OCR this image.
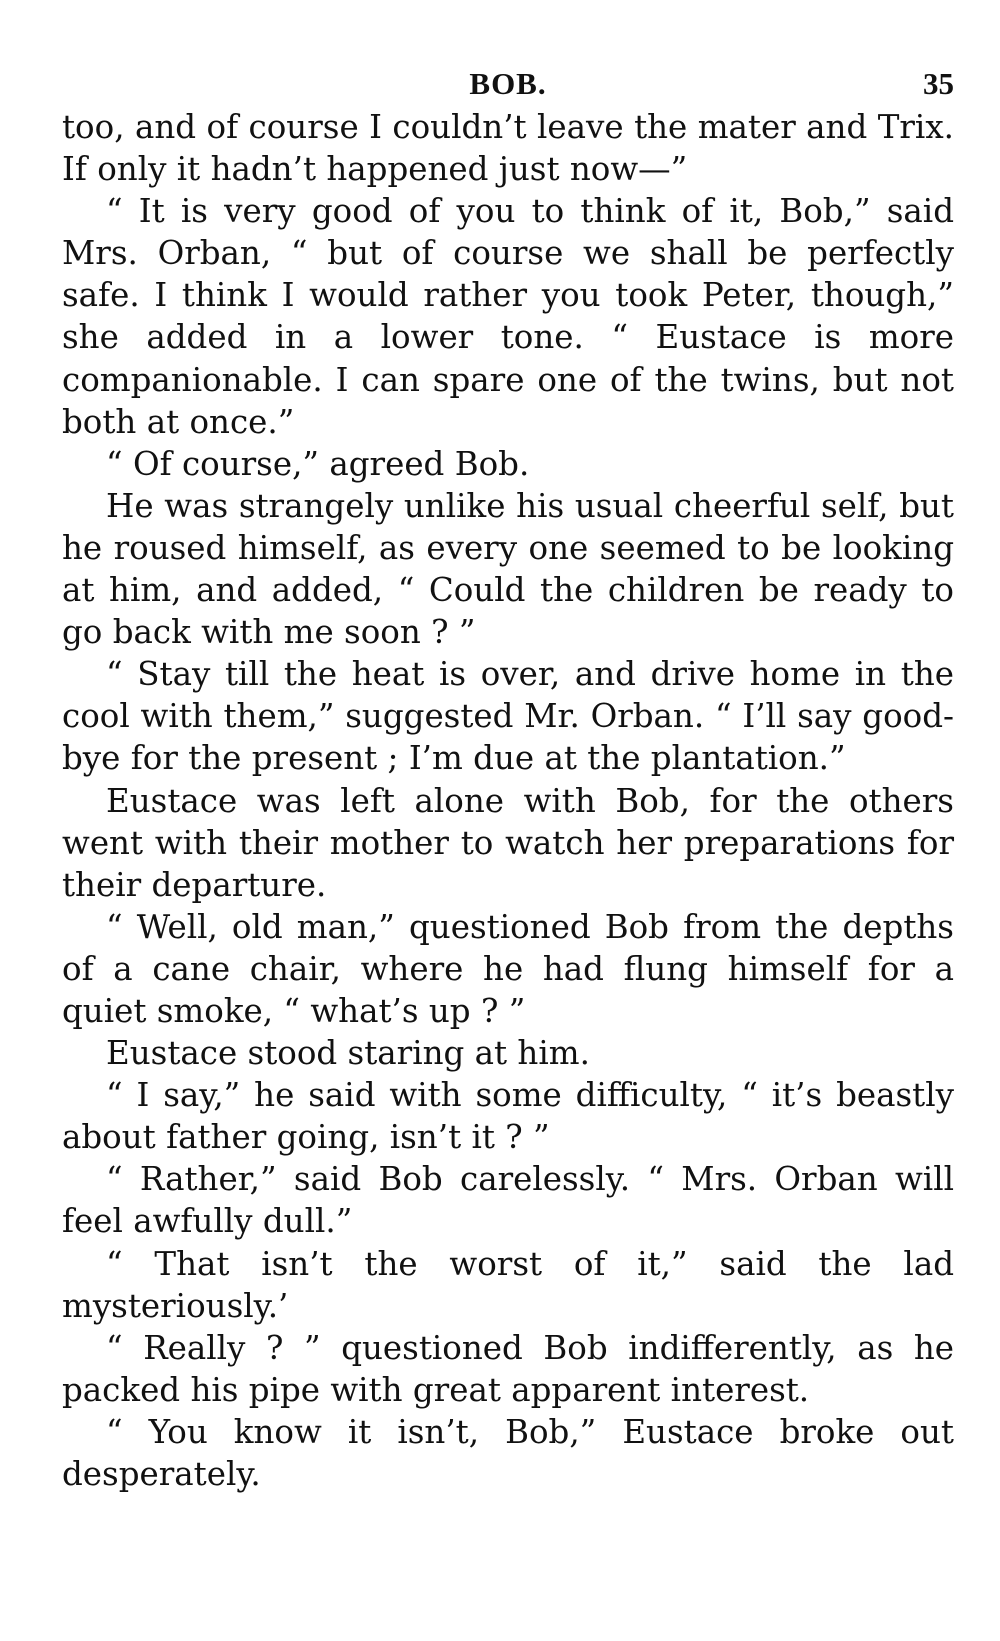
BOB.	35

too, and of course I couldn’t leave the mater and Trix. If only it hadn’t happened just now—”

“ It is very good of you to think of it, Bob,” said Mrs. Orban, “ but of course we shall be perfectly safe. I think I would rather you took Peter, though,” she added in a lower tone. “ Eustace is more companionable. I can spare one of the twins, but not both at once.”

“ Of course,” agreed Bob.

He was strangely unlike his usual cheerful self, but he roused himself, as every one seemed to be looking at him, and added, “ Could the children be ready to go back with me soon ? ”

“ Stay till the heat is over, and drive home in the cool with them,” suggested Mr. Orban. “ I’ll say good-bye for the present ; I’m due at the plantation.”

Eustace was left alone with Bob, for the others went with their mother to watch her preparations for their departure.

“ Well, old man,” questioned Bob from the depths of a cane chair, where he had flung himself for a quiet smoke, “ what’s up ? ”

Eustace stood staring at him.

“ I say,” he said with some difficulty, “ it’s beastly about father going, isn’t it ? ”

“ Rather,” said Bob carelessly. “ Mrs. Orban will feel awfully dull.”

“ That isn’t the worst of it,” said the lad mysteriously.’

“ Really ? ” questioned Bob indifferently, as he packed his pipe with great apparent interest.

“ You know it isn’t, Bob,” Eustace broke out desperately.
